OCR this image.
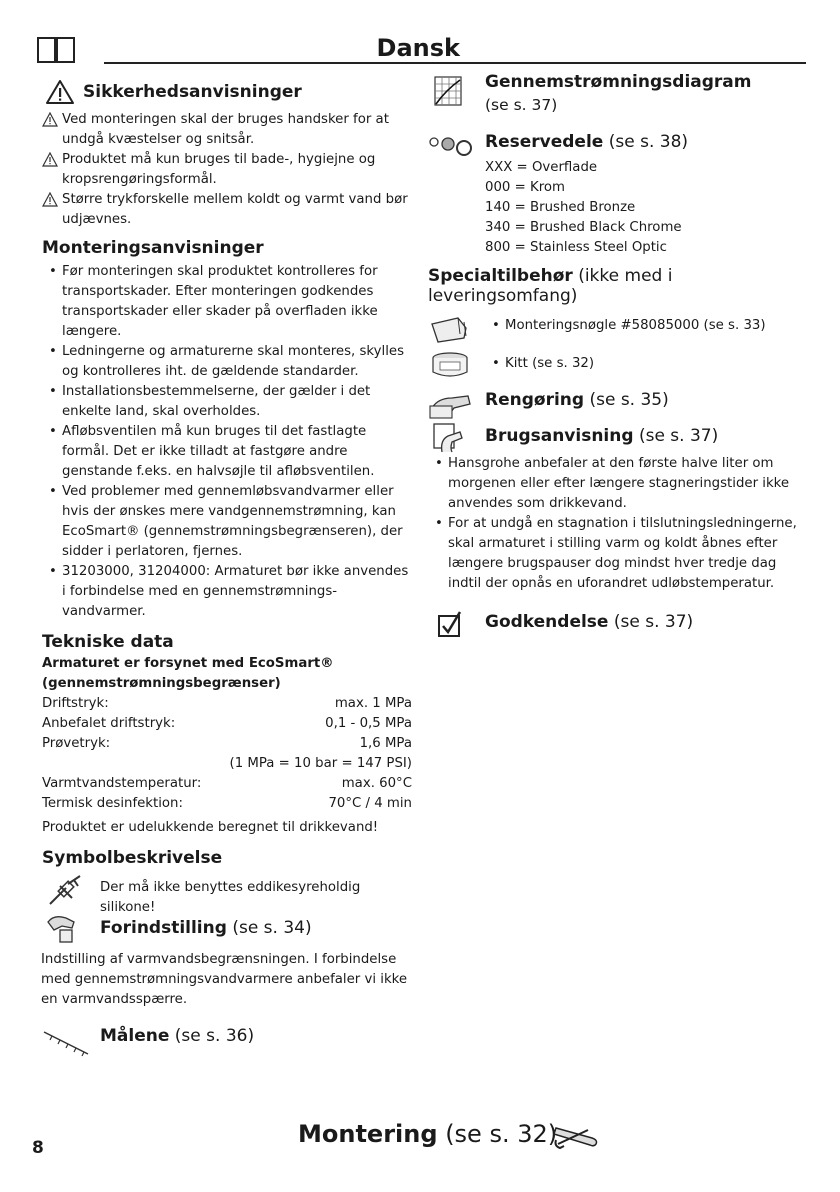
Dansk
Sikkerhedsanvisninger
Ved monteringen skal der bruges handsker for at undgå kvæstelser og snitsår.
Produktet må kun bruges til bade-, hygiejne og kropsrengøringsformål.
Større trykforskelle mellem koldt og varmt vand bør udjævnes.
Monteringsanvisninger
• Før monteringen skal produktet kontrolleres for transportskader. Efter monteringen godkendes transportskader eller skader på overfladen ikke længere.
• Ledningerne og armaturerne skal monteres, skylles og kontrolleres iht. de gældende standarder.
• Installationsbestemmelserne, der gælder i det enkelte land, skal overholdes.
• Afløbsventilen må kun bruges til det fastlagte formål. Det er ikke tilladt at fastgøre andre genstande f.eks. en halvsøjle til afløbsventilen.
• Ved problemer med gennemløbsvandvarmer eller hvis der ønskes mere vandgennemstrømning, kan EcoSmart® (gennemstrømningsbegrænseren), der sidder i perlatoren, fjernes.
• 31203000, 31204000: Armaturet bør ikke anvendes i forbindelse med en gennemstrømnings-vandvarmer.
Tekniske data
Armaturet er forsynet med EcoSmart® (gennemstrømningsbegrænser)
Driftstryk:	max. 1 MPa
Anbefalet driftstryk:	0,1 - 0,5 MPa
Prøvetryk:	1,6 MPa
(1 MPa = 10 bar = 147 PSI)
Varmtvandstemperatur:	max. 60°C
Termisk desinfektion:	70°C / 4 min
Produktet er udelukkende beregnet til drikkevand!
Symbolbeskrivelse
Der må ikke benyttes eddikesyreholdig silikone!
Forindstilling (se s. 34)
Indstilling af varmvandsbegrænsningen. I forbindelse med gennemstrømningsvandvarmere anbefaler vi ikke en varmvandsspærre.
Målene (se s. 36)
Gennemstrømningsdiagram
(se s. 37)
Reservedele (se s. 38)
XXX = Overflade
000 = Krom
140 = Brushed Bronze
340 = Brushed Black Chrome
800 = Stainless Steel Optic
Specialtilbehør (ikke med i leveringsomfang)
• Monteringsnøgle #58085000 (se s. 33)
• Kitt (se s. 32)
Rengøring (se s. 35)
Brugsanvisning (se s. 37)
• Hansgrohe anbefaler at den første halve liter om morgenen eller efter længere stagneringstider ikke anvendes som drikkevand.
• For at undgå en stagnation i tilslutningsledningerne, skal armaturet i stilling varm og koldt åbnes efter længere brugspauser dog mindst hver tredje dag indtil der opnås en uforandret udløbstemperatur.
Godkendelse (se s. 37)
8	Montering (se s. 32)
